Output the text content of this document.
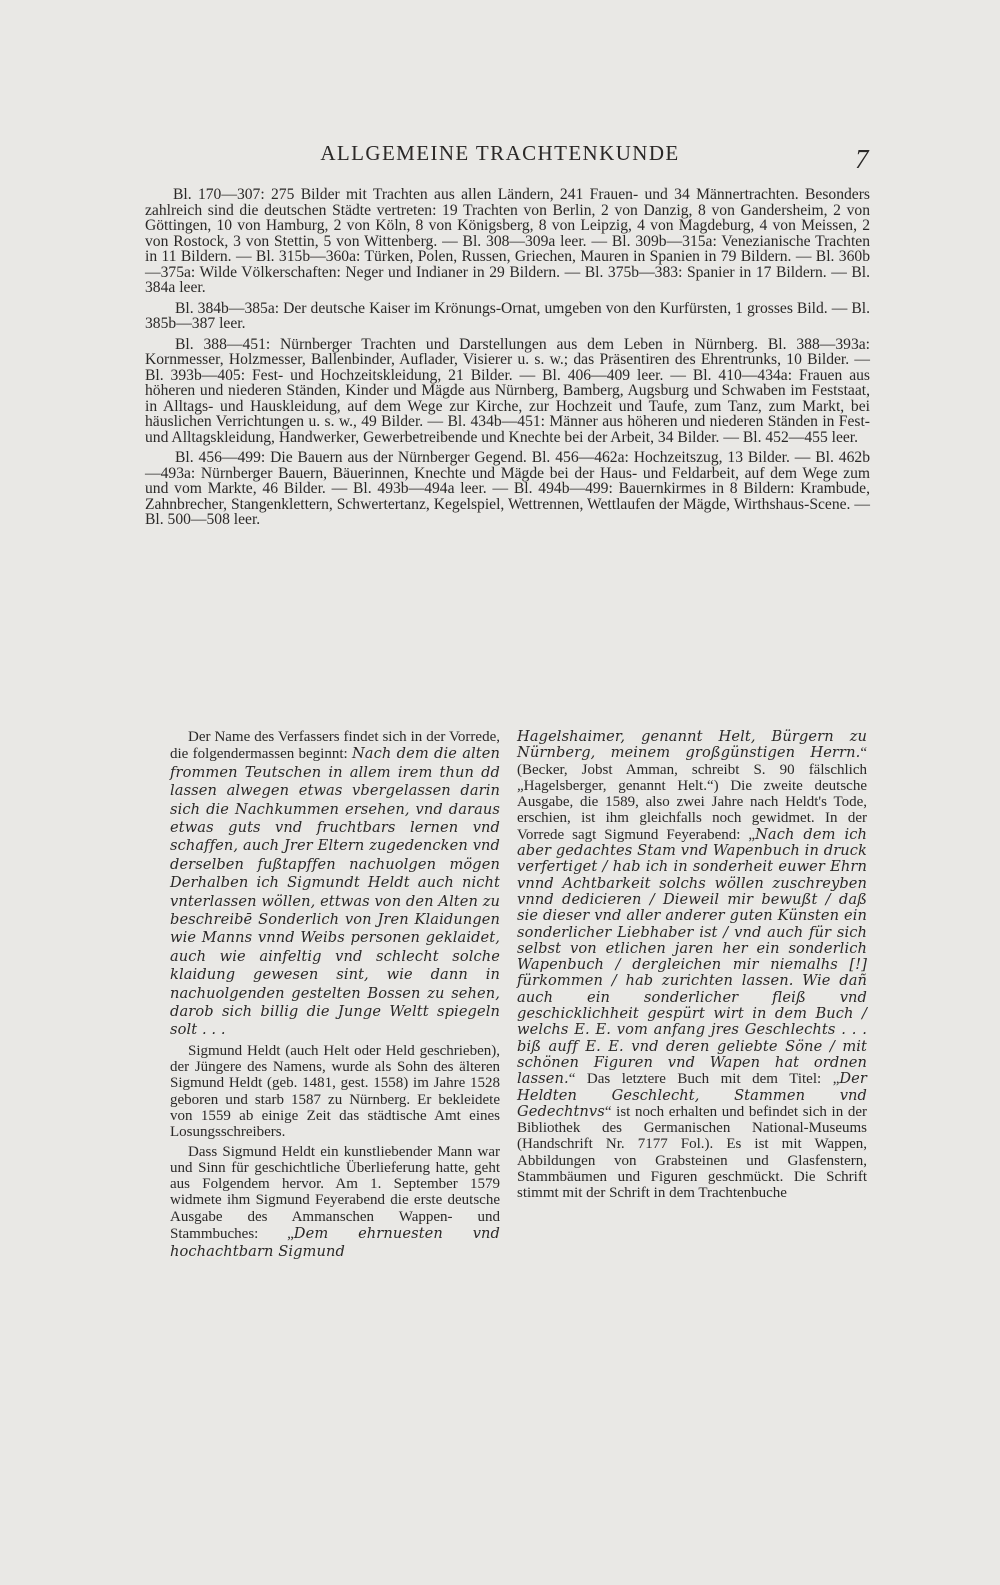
ALLGEMEINE TRACHTENKUNDE	7

Bl. 170—307: 275 Bilder mit Trachten aus allen Ländern, 241 Frauen- und 34 Männertrachten. Besonders zahlreich sind die deutschen Städte vertreten: 19 Trachten von Berlin, 2 von Danzig, 8 von Gandersheim, 2 von Göttingen, 10 von Hamburg, 2 von Köln, 8 von Königsberg, 8 von Leipzig, 4 von Magdeburg, 4 von Meissen, 2 von Rostock, 3 von Stettin, 5 von Wittenberg. — Bl. 308—309a leer. — Bl. 309b—315a: Venezianische Trachten in 11 Bildern. — Bl. 315b—360a: Türken, Polen, Russen, Griechen, Mauren in Spanien in 79 Bildern. — Bl. 360b—375a: Wilde Völkerschaften: Neger und Indianer in 29 Bildern. — Bl. 375b—383: Spanier in 17 Bildern. — Bl. 384a leer.

Bl. 384b—385a: Der deutsche Kaiser im Krönungs-Ornat, umgeben von den Kurfürsten, 1 grosses Bild. — Bl. 385b—387 leer.

Bl. 388—451: Nürnberger Trachten und Darstellungen aus dem Leben in Nürnberg. Bl. 388—393a: Kornmesser, Holzmesser, Ballenbinder, Auflader, Visierer u. s. w.; das Präsentiren des Ehrentrunks, 10 Bilder. — Bl. 393b—405: Fest- und Hochzeitskleidung, 21 Bilder. — Bl. 406—409 leer. — Bl. 410—434a: Frauen aus höheren und niederen Ständen, Kinder und Mägde aus Nürnberg, Bamberg, Augsburg und Schwaben im Feststaat, in Alltags- und Hauskleidung, auf dem Wege zur Kirche, zur Hochzeit und Taufe, zum Tanz, zum Markt, bei häuslichen Verrichtungen u. s. w., 49 Bilder. — Bl. 434b—451: Männer aus höheren und niederen Ständen in Fest- und Alltagskleidung, Handwerker, Gewerbetreibende und Knechte bei der Arbeit, 34 Bilder. — Bl. 452—455 leer.

Bl. 456—499: Die Bauern aus der Nürnberger Gegend. Bl. 456—462a: Hochzeitszug, 13 Bilder. — Bl. 462b—493a: Nürnberger Bauern, Bäuerinnen, Knechte und Mägde bei der Haus- und Feldarbeit, auf dem Wege zum und vom Markte, 46 Bilder. — Bl. 493b—494a leer. — Bl. 494b—499: Bauernkirmes in 8 Bildern: Krambude, Zahnbrecher, Stangenklettern, Schwertertanz, Kegelspiel, Wettrennen, Wettlaufen der Mägde, Wirthshaus-Scene. — Bl. 500—508 leer.

Der Name des Verfassers findet sich in der Vorrede, die folgendermassen beginnt: Nach dem die alten frommen Teutschen in allem irem thun dd lassen alwegen etwas vbergelassen darin sich die Nachkummen ersehen, vnd daraus etwas guts vnd fruchtbars lernen vnd schaffen, auch Jrer Eltern zugedencken vnd derselben fußtapffen nachuolgen mögen Derhalben ich Sigmundt Heldt auch nicht vnterlassen wöllen, ettwas von den Alten zu beschreibē Sonderlich von Jren Klaidungen wie Manns vnnd Weibs personen geklaidet, auch wie ainfeltig vnd schlecht solche klaidung gewesen sint, wie dann in nachuolgenden gestelten Bossen zu sehen, darob sich billig die Junge Weltt spiegeln solt . . .

Sigmund Heldt (auch Helt oder Held geschrieben), der Jüngere des Namens, wurde als Sohn des älteren Sigmund Heldt (geb. 1481, gest. 1558) im Jahre 1528 geboren und starb 1587 zu Nürnberg. Er bekleidete von 1559 ab einige Zeit das städtische Amt eines Losungsschreibers.

Dass Sigmund Heldt ein kunstliebender Mann war und Sinn für geschichtliche Überlieferung hatte, geht aus Folgendem hervor. Am 1. September 1579 widmete ihm Sigmund Feyerabend die erste deutsche Ausgabe des Ammanschen Wappen- und Stammbuches: „Dem ehrnuesten vnd hochachtbarn Sigmund

Hagelshaimer, genannt Helt, Bürgern zu Nürnberg, meinem großgünstigen Herrn.“ (Becker, Jobst Amman, schreibt S. 90 fälschlich „Hagelsberger, genannt Helt.“) Die zweite deutsche Ausgabe, die 1589, also zwei Jahre nach Heldt's Tode, erschien, ist ihm gleichfalls noch gewidmet. In der Vorrede sagt Sigmund Feyerabend: „Nach dem ich aber gedachtes Stam vnd Wapenbuch in druck verfertiget / hab ich in sonderheit euwer Ehrn vnnd Achtbarkeit solchs wöllen zuschreyben vnnd dedicieren / Dieweil mir bewußt / daß sie dieser vnd aller anderer guten Künsten ein sonderlicher Liebhaber ist / vnd auch für sich selbst von etlichen jaren her ein sonderlich Wapenbuch / dergleichen mir niemalhs [!] fürkommen / hab zurichten lassen. Wie dañ auch ein sonderlicher fleiß vnd geschicklichheit gespürt wirt in dem Buch / welchs E. E. vom anfang jres Geschlechts . . . biß auff E. E. vnd deren geliebte Söne / mit schönen Figuren vnd Wapen hat ordnen lassen.“ Das letztere Buch mit dem Titel: „Der Heldten Geschlecht, Stammen vnd Gedechtnvs“ ist noch erhalten und befindet sich in der Bibliothek des Germanischen National-Museums (Handschrift Nr. 7177 Fol.). Es ist mit Wappen, Abbildungen von Grabsteinen und Glasfenstern, Stammbäumen und Figuren geschmückt. Die Schrift stimmt mit der Schrift in dem Trachtenbuche
